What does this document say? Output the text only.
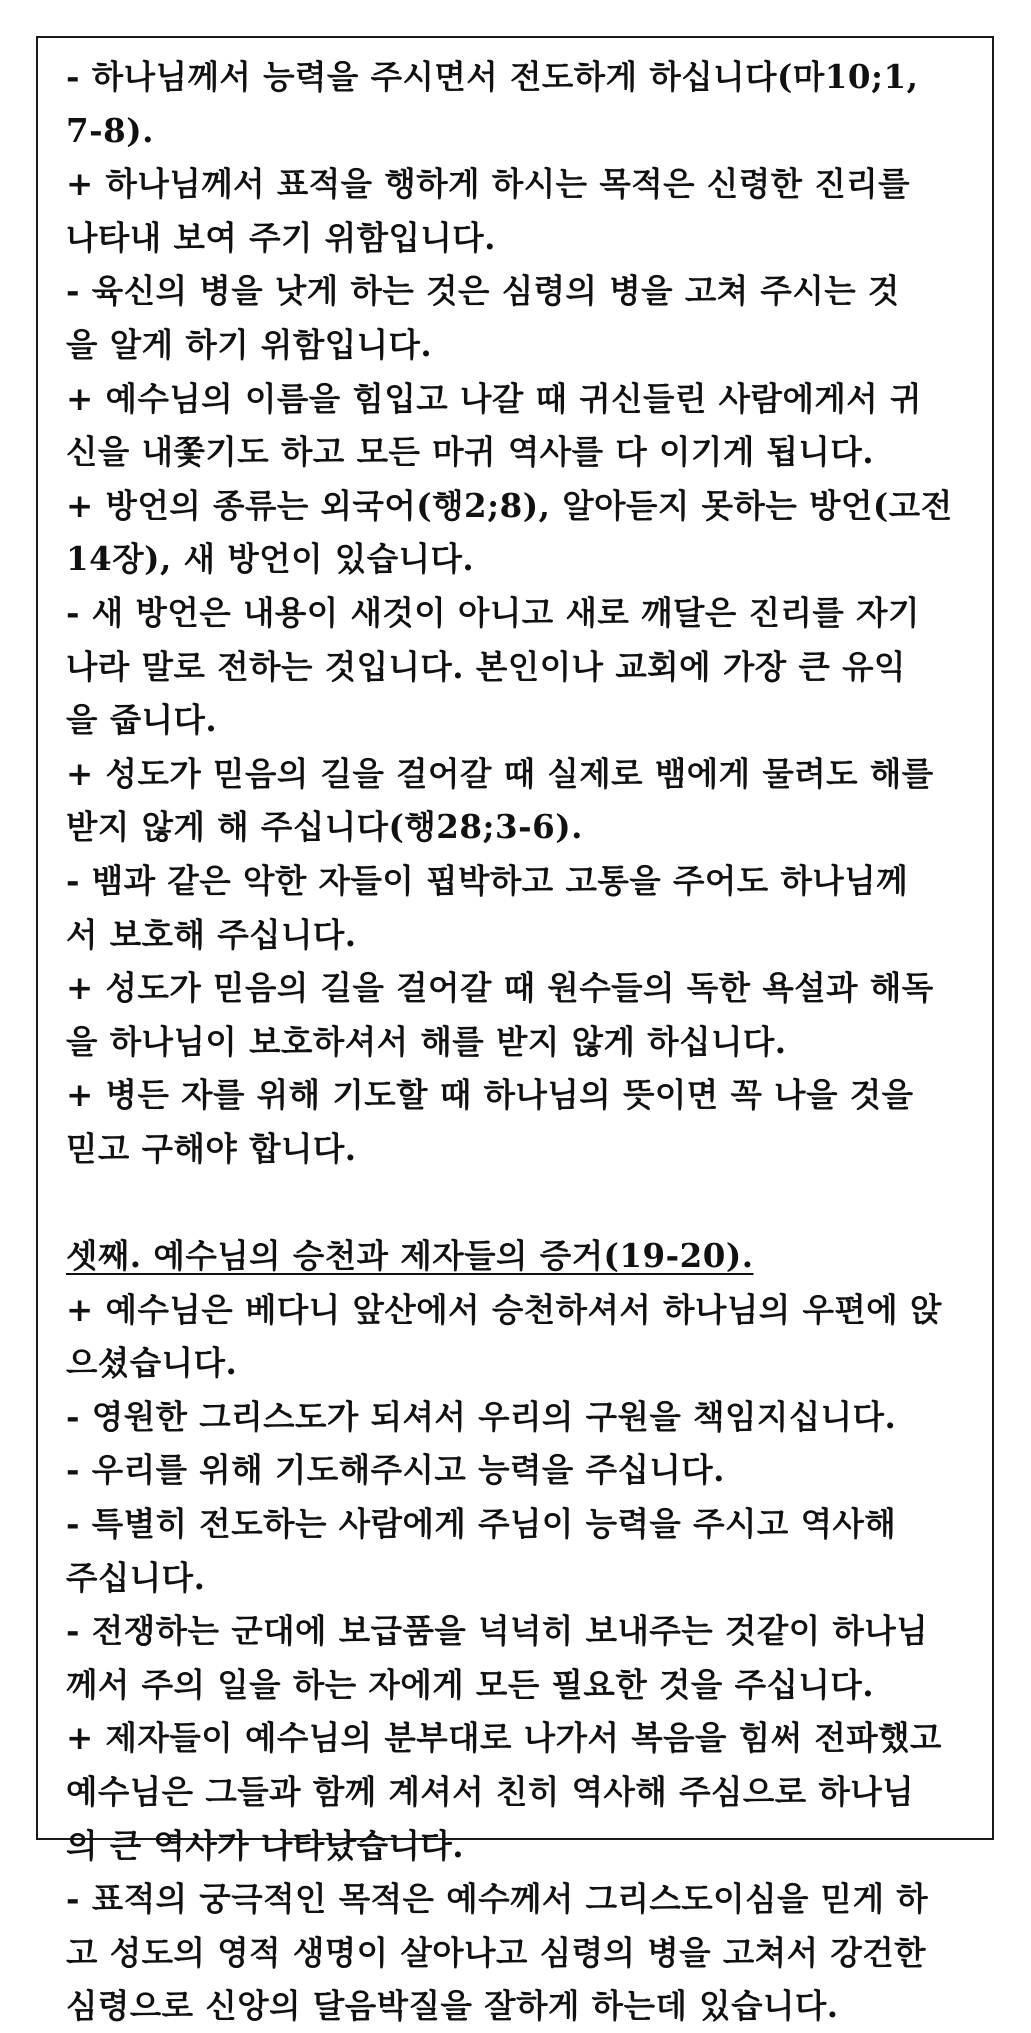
- 하나님께서 능력을 주시면서 전도하게 하십니다(마10;1,
7-8).
+ 하나님께서 표적을 행하게 하시는 목적은 신령한 진리를
나타내 보여 주기 위함입니다.
- 육신의 병을 낫게 하는 것은 심령의 병을 고쳐 주시는 것
을 알게 하기 위함입니다.
+ 예수님의 이름을 힘입고 나갈 때 귀신들린 사람에게서 귀
신을 내쫓기도 하고 모든 마귀 역사를 다 이기게 됩니다.
+ 방언의 종류는 외국어(행2;8), 알아듣지 못하는 방언(고전
14장), 새 방언이 있습니다.
- 새 방언은 내용이 새것이 아니고 새로 깨달은 진리를 자기
나라 말로 전하는 것입니다. 본인이나 교회에 가장 큰 유익
을 줍니다.
+ 성도가 믿음의 길을 걸어갈 때 실제로 뱀에게 물려도 해를
받지 않게 해 주십니다(행28;3-6).
- 뱀과 같은 악한 자들이 핍박하고 고통을 주어도 하나님께
서 보호해 주십니다.
+ 성도가 믿음의 길을 걸어갈 때 원수들의 독한 욕설과 해독
을 하나님이 보호하셔서 해를 받지 않게 하십니다.
+ 병든 자를 위해 기도할 때 하나님의 뜻이면 꼭 나을 것을
믿고 구해야 합니다.
셋째. 예수님의 승천과 제자들의 증거(19-20).
+ 예수님은 베다니 앞산에서 승천하셔서 하나님의 우편에 앉
으셨습니다.
- 영원한 그리스도가 되셔서 우리의 구원을 책임지십니다.
- 우리를 위해 기도해주시고 능력을 주십니다.
- 특별히 전도하는 사람에게 주님이 능력을 주시고 역사해
주십니다.
- 전쟁하는 군대에 보급품을 넉넉히 보내주는 것같이 하나님
께서 주의 일을 하는 자에게 모든 필요한 것을 주십니다.
+ 제자들이 예수님의 분부대로 나가서 복음을 힘써 전파했고
예수님은 그들과 함께 계셔서 친히 역사해 주심으로 하나님
의 큰 역사가 나타났습니다.
- 표적의 궁극적인 목적은 예수께서 그리스도이심을 믿게 하
고 성도의 영적 생명이 살아나고 심령의 병을 고쳐서 강건한
심령으로 신앙의 달음박질을 잘하게 하는데 있습니다.
